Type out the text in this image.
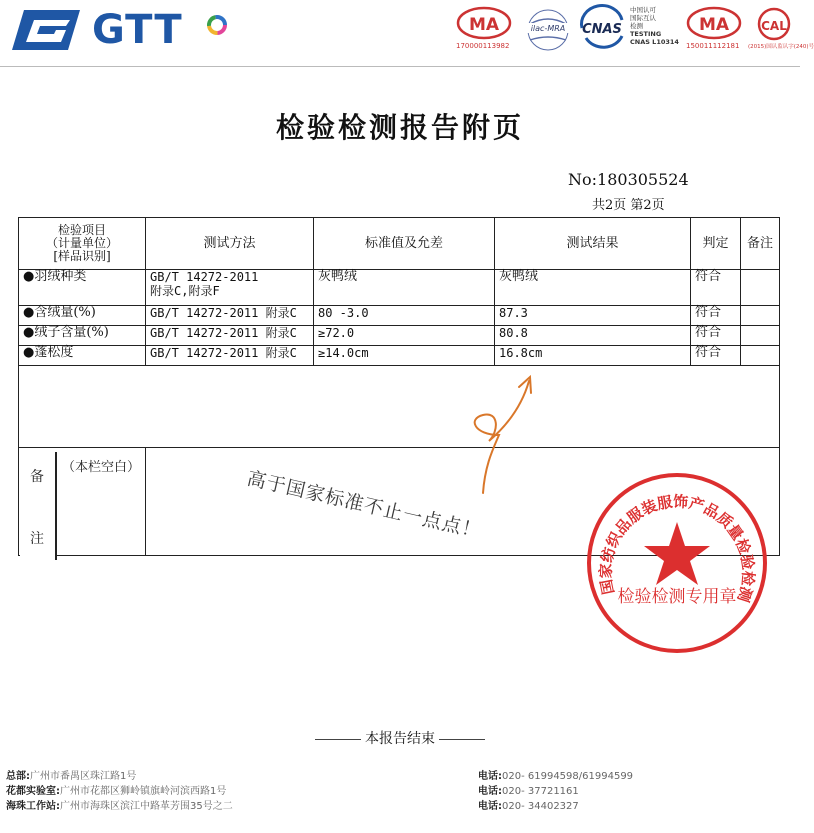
GTT	MA
170000113982
ilac-MRA CNAS
中国认可
国际互认
检测
TESTING
CNAS L10314
MA
150011112181
CAL
(2015)国认监认字(240)号
检验检测报告附页
No:180305524
共2页 第2页
检验项目
（计量单位）
[样品识别]	测试方法	标准值及允差	测试结果	判定	备注
●羽绒种类	GB/T 14272-2011
附录C,附录F	灰鸭绒	灰鸭绒	符合	
●含绒量(%)	GB/T 14272-2011 附录C	80 -3.0	87.3	符合	
●绒子含量(%)	GB/T 14272-2011 附录C	≥72.0	80.8	符合	
●蓬松度	GB/T 14272-2011 附录C	≥14.0cm	16.8cm	符合	

备
注
（本栏空白）	高于国家标准不止一点点！
国家纺织品服装服饰产品质量检验检测
检验检测专用章
本报告结束
总部:广州市番禺区珠江路1号
花都实验室:广州市花都区狮岭镇旗岭河滨西路1号
海珠工作站:广州市海珠区滨江中路革芳围35号之二
电话:020- 61994598/61994599
电话:020- 37721161
电话:020- 34402327
